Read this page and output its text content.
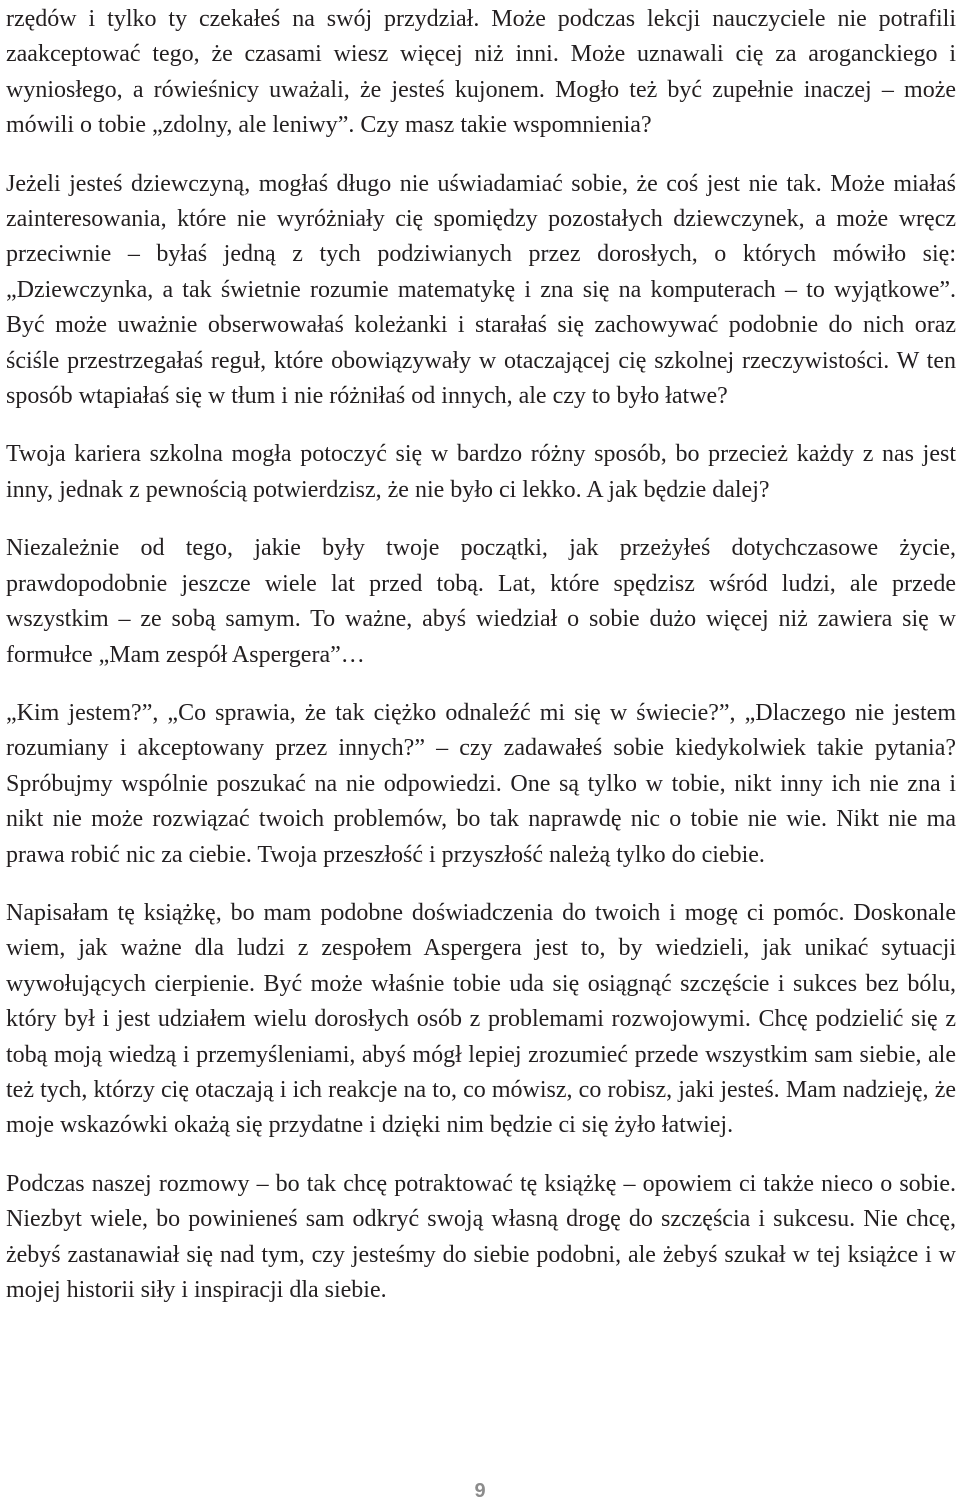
rzędów i tylko ty czekałeś na swój przydział. Może podczas lekcji nauczyciele nie potrafili zaakceptować tego, że czasami wiesz więcej niż inni. Może uznawali cię za aroganckiego i wyniosłego, a rówieśnicy uważali, że jesteś kujonem. Mogło też być zupełnie inaczej – może mówili o tobie „zdolny, ale leniwy”. Czy masz takie wspomnienia?

Jeżeli jesteś dziewczyną, mogłaś długo nie uświadamiać sobie, że coś jest nie tak. Może miałaś zainteresowania, które nie wyróżniały cię spomiędzy pozostałych dziewczynek, a może wręcz przeciwnie – byłaś jedną z tych podziwianych przez dorosłych, o których mówiło się: „Dziewczynka, a tak świetnie rozumie matematykę i zna się na komputerach – to wyjątkowe”. Być może uważnie obserwowałaś koleżanki i starałaś się zachowywać podobnie do nich oraz ściśle przestrzegałaś reguł, które obowiązywały w otaczającej cię szkolnej rzeczywistości. W ten sposób wtapiałaś się w tłum i nie różniłaś od innych, ale czy to było łatwe?

Twoja kariera szkolna mogła potoczyć się w bardzo różny sposób, bo przecież każdy z nas jest inny, jednak z pewnością potwierdzisz, że nie było ci lekko. A jak będzie dalej?

Niezależnie od tego, jakie były twoje początki, jak przeżyłeś dotychczasowe życie, prawdopodobnie jeszcze wiele lat przed tobą. Lat, które spędzisz wśród ludzi, ale przede wszystkim – ze sobą samym. To ważne, abyś wiedział o sobie dużo więcej niż zawiera się w formułce „Mam zespół Aspergera”…

„Kim jestem?”, „Co sprawia, że tak ciężko odnaleźć mi się w świecie?”, „Dlaczego nie jestem rozumiany i akceptowany przez innych?” – czy zadawałeś sobie kiedykolwiek takie pytania? Spróbujmy wspólnie poszukać na nie odpowiedzi. One są tylko w tobie, nikt inny ich nie zna i nikt nie może rozwiązać twoich problemów, bo tak naprawdę nic o tobie nie wie. Nikt nie ma prawa robić nic za ciebie. Twoja przeszłość i przyszłość należą tylko do ciebie.

Napisałam tę książkę, bo mam podobne doświadczenia do twoich i mogę ci pomóc. Doskonale wiem, jak ważne dla ludzi z zespołem Aspergera jest to, by wiedzieli, jak unikać sytuacji wywołujących cierpienie. Być może właśnie tobie uda się osiągnąć szczęście i sukces bez bólu, który był i jest udziałem wielu dorosłych osób z problemami rozwojowymi. Chcę podzielić się z tobą moją wiedzą i przemyśleniami, abyś mógł lepiej zrozumieć przede wszystkim sam siebie, ale też tych, którzy cię otaczają i ich reakcje na to, co mówisz, co robisz, jaki jesteś. Mam nadzieję, że moje wskazówki okażą się przydatne i dzięki nim będzie ci się żyło łatwiej.

Podczas naszej rozmowy – bo tak chcę potraktować tę książkę – opowiem ci także nieco o sobie. Niezbyt wiele, bo powinieneś sam odkryć swoją własną drogę do szczęścia i sukcesu. Nie chcę, żebyś zastanawiał się nad tym, czy jesteśmy do siebie podobni, ale żebyś szukał w tej książce i w mojej historii siły i inspiracji dla siebie.

9
